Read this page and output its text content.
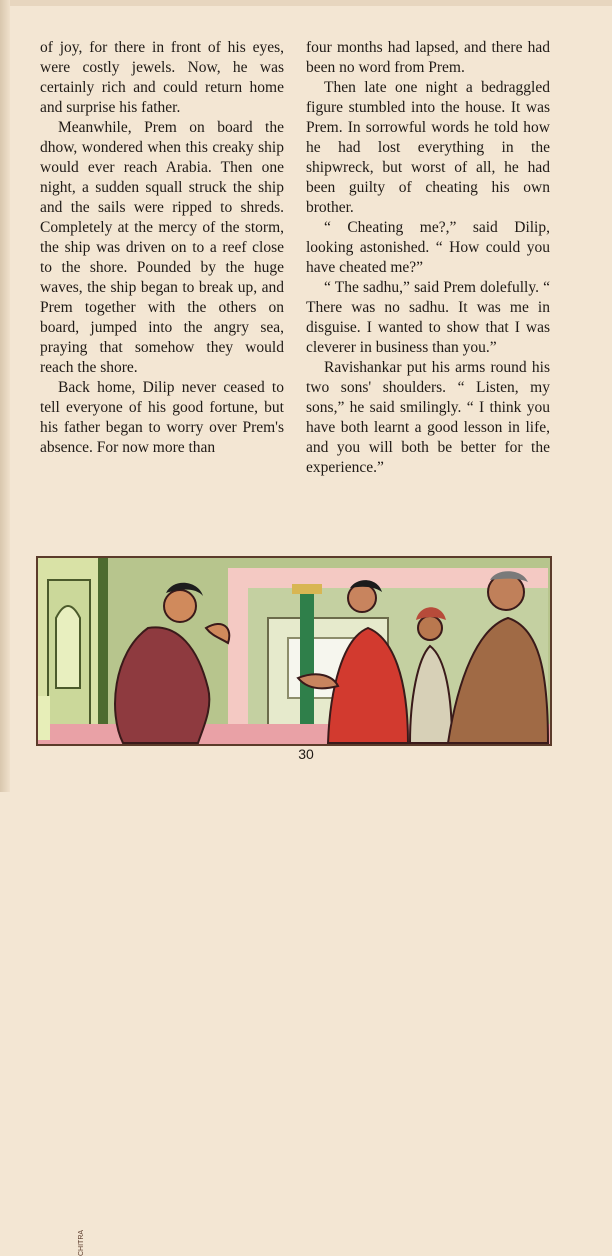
of joy, for there in front of his eyes, were costly jewels. Now, he was certainly rich and could return home and surprise his father.

Meanwhile, Prem on board the dhow, wondered when this creaky ship would ever reach Arabia. Then one night, a sudden squall struck the ship and the sails were ripped to shreds. Completely at the mercy of the storm, the ship was driven on to a reef close to the shore. Pounded by the huge waves, the ship began to break up, and Prem together with the others on board, jumped into the angry sea, praying that somehow they would reach the shore.

Back home, Dilip never ceased to tell everyone of his good fortune, but his father began to worry over Prem's absence. For now more than

four months had lapsed, and there had been no word from Prem.

Then late one night a bedraggled figure stumbled into the house. It was Prem. In sorrowful words he told how he had lost everything in the shipwreck, but worst of all, he had been guilty of cheating his own brother.

“ Cheating me?,” said Dilip, looking astonished. “ How could you have cheated me?”

“ The sadhu,” said Prem dolefully. “ There was no sadhu. It was me in disguise. I wanted to show that I was cleverer in business than you.”

Ravishankar put his arms round his two sons' shoulders. “ Listen, my sons,” he said smilingly. “ I think you have both learnt a good lesson in life, and you will both be better for the experience.”

CHITRA
30
